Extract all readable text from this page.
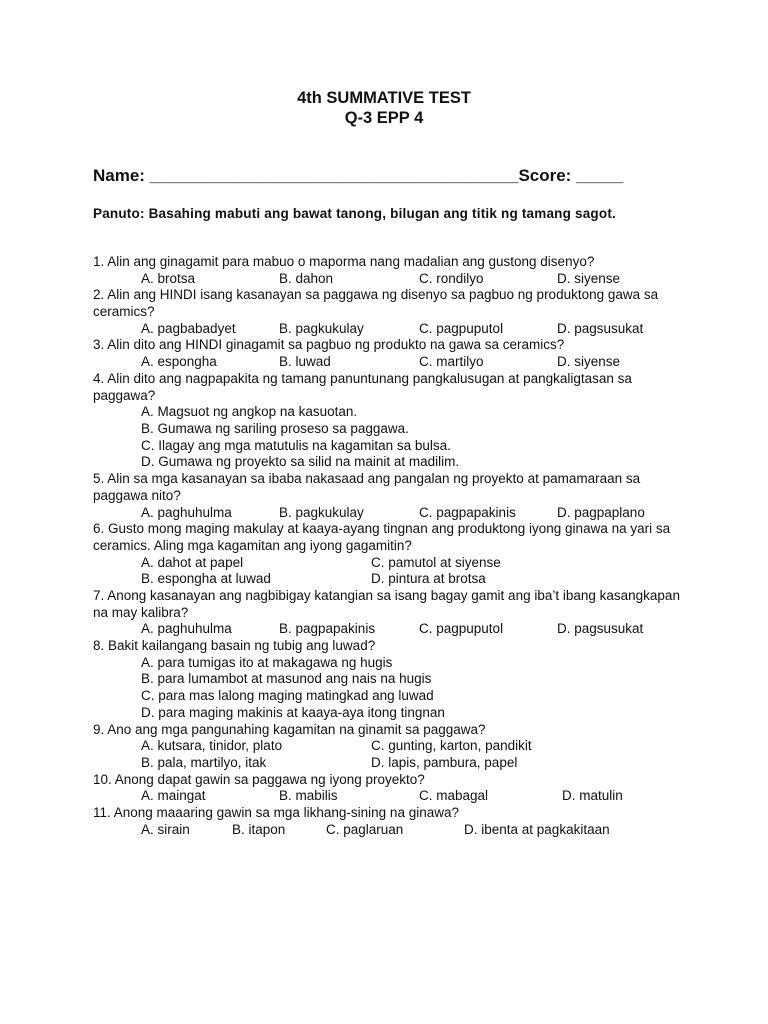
4th SUMMATIVE TEST
Q-3 EPP 4
Name: _______________________________________Score: _____
Panuto: Basahing mabuti ang bawat tanong, bilugan ang titik ng tamang sagot.

1. Alin ang ginagamit para mabuo o maporma nang madalian ang gustong disenyo?

A. brotsa	B. dahon	C. rondilyo	D. siyense

2. Alin ang HINDI isang kasanayan sa paggawa ng disenyo sa pagbuo ng produktong gawa sa ceramics?

A. pagbabadyet	B. pagkukulay	C. pagpuputol	D. pagsusukat

3. Alin dito ang HINDI ginagamit sa pagbuo ng produkto na gawa sa ceramics?

A. espongha	B. luwad	C. martilyo	D. siyense

4. Alin dito ang nagpapakita ng tamang panuntunang pangkalusugan at pangkaligtasan sa paggawa?

A. Magsuot ng angkop na kasuotan.

B. Gumawa ng sariling proseso sa paggawa.

C. Ilagay ang mga matutulis na kagamitan sa bulsa.

D. Gumawa ng proyekto sa silid na mainit at madilim.

5. Alin sa mga kasanayan sa ibaba nakasaad ang pangalan ng proyekto at pamamaraan sa paggawa nito?

A. paghuhulma	B. pagkukulay	C. pagpapakinis	D. pagpaplano

6. Gusto mong maging makulay at kaaya-ayang tingnan ang produktong iyong ginawa na yari sa ceramics. Aling mga kagamitan ang iyong gagamitin?

A. dahot at papel	C. pamutol at siyense
B. espongha at luwad	D. pintura at brotsa

7. Anong kasanayan ang nagbibigay katangian sa isang bagay gamit ang iba’t ibang kasangkapan na may kalibra?

A. paghuhulma	B. pagpapakinis	C. pagpuputol	D. pagsusukat

8. Bakit kailangang basain ng tubig ang luwad?

A. para tumigas ito at makagawa ng hugis

B. para lumambot at masunod ang nais na hugis

C. para mas lalong maging matingkad ang luwad

D. para maging makinis at kaaya-aya itong tingnan

9. Ano ang mga pangunahing kagamitan na ginamit sa paggawa?

A. kutsara, tinidor, plato	C. gunting, karton, pandikit
B. pala, martilyo, itak	D. lapis, pambura, papel

10. Anong dapat gawin sa paggawa ng iyong proyekto?

A. maingat	B. mabilis	C. mabagal	D. matulin

11. Anong maaaring gawin sa mga likhang-sining na ginawa?

A. sirain	B. itapon	C. paglaruan	D. ibenta at pagkakitaan
